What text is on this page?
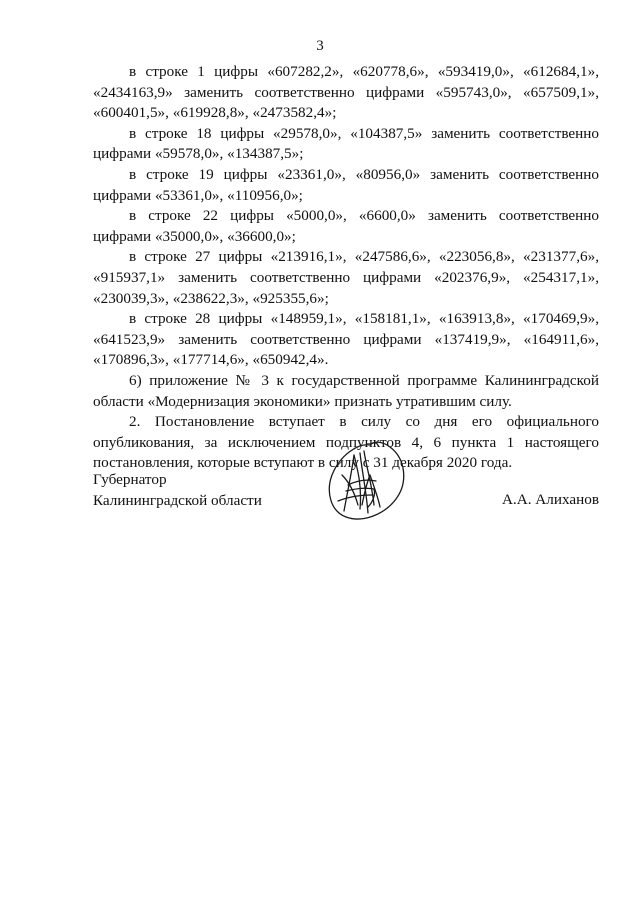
3

в строке 1 цифры «607282,2», «620778,6», «593419,0», «612684,1», «2434163,9» заменить соответственно цифрами «595743,0», «657509,1», «600401,5», «619928,8», «2473582,4»;

в строке 18 цифры «29578,0», «104387,5» заменить соответственно цифрами «59578,0», «134387,5»;

в строке 19 цифры «23361,0», «80956,0» заменить соответственно цифрами «53361,0», «110956,0»;

в строке 22 цифры «5000,0», «6600,0» заменить соответственно цифрами «35000,0», «36600,0»;

в строке 27 цифры «213916,1», «247586,6», «223056,8», «231377,6», «915937,1» заменить соответственно цифрами «202376,9», «254317,1», «230039,3», «238622,3», «925355,6»;

в строке 28 цифры «148959,1», «158181,1», «163913,8», «170469,9», «641523,9» заменить соответственно цифрами «137419,9», «164911,6», «170896,3», «177714,6», «650942,4».

6) приложение № 3 к государственной программе Калининградской области «Модернизация экономики» признать утратившим силу.

2. Постановление вступает в силу со дня его официального опубликования, за исключением подпунктов 4, 6 пункта 1 настоящего постановления, которые вступают в силу с 31 декабря 2020 года.

Губернатор
Калининградской области	А.А. Алиханов
